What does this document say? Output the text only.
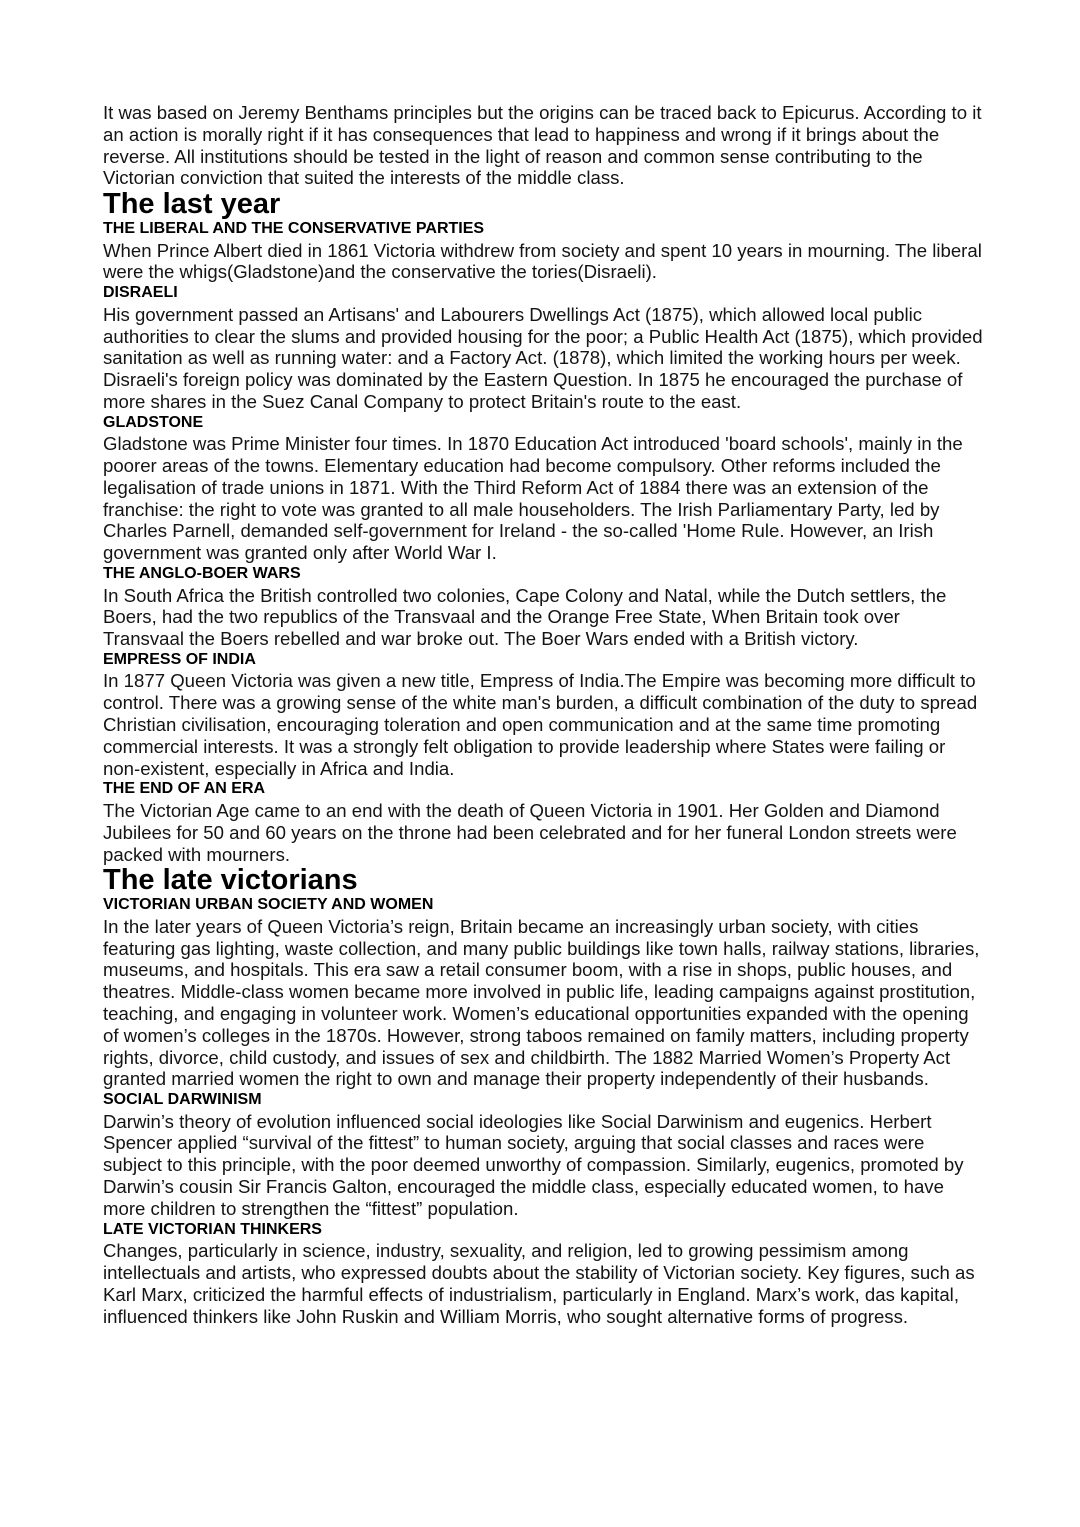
It was based on Jeremy Benthams principles but the origins can be traced back to Epicurus. According to it an action is morally right if it has consequences that lead to happiness and wrong if it brings about the reverse. All institutions should be tested in the light of reason and common sense contributing to the Victorian conviction that suited the interests of the middle class.

The last year
THE LIBERAL AND THE CONSERVATIVE PARTIES

When Prince Albert died in 1861 Victoria withdrew from society and spent 10 years in mourning. The liberal were the whigs(Gladstone)and the conservative the tories(Disraeli).

DISRAELI

His government passed an Artisans' and Labourers Dwellings Act (1875), which allowed local public authorities to clear the slums and provided housing for the poor; a Public Health Act (1875), which provided sanitation as well as running water: and a Factory Act. (1878), which limited the working hours per week. Disraeli's foreign policy was dominated by the Eastern Question. In 1875 he encouraged the purchase of more shares in the Suez Canal Company to protect Britain's route to the east.

GLADSTONE

Gladstone was Prime Minister four times. In 1870 Education Act introduced 'board schools', mainly in the poorer areas of the towns. Elementary education had become compulsory. Other reforms included the legalisation of trade unions in 1871. With the Third Reform Act of 1884 there was an extension of the franchise: the right to vote was granted to all male householders. The Irish Parliamentary Party, led by Charles Parnell, demanded self-government for Ireland - the so-called 'Home Rule. However, an Irish government was granted only after World War I.

THE ANGLO-BOER WARS

In South Africa the British controlled two colonies, Cape Colony and Natal, while the Dutch settlers, the Boers, had the two republics of the Transvaal and the Orange Free State, When Britain took over Transvaal the Boers rebelled and war broke out. The Boer Wars ended with a British victory.

EMPRESS OF INDIA

In 1877 Queen Victoria was given a new title, Empress of India.The Empire was becoming more difficult to control. There was a growing sense of the white man's burden, a difficult combination of the duty to spread Christian civilisation, encouraging toleration and open communication and at the same time promoting commercial interests. It was a strongly felt obligation to provide leadership where States were failing or non-existent, especially in Africa and India.

THE END OF AN ERA

The Victorian Age came to an end with the death of Queen Victoria in 1901. Her Golden and Diamond Jubilees for 50 and 60 years on the throne had been celebrated and for her funeral London streets were packed with mourners.

The late victorians
VICTORIAN URBAN SOCIETY AND WOMEN

In the later years of Queen Victoria’s reign, Britain became an increasingly urban society, with cities featuring gas lighting, waste collection, and many public buildings like town halls, railway stations, libraries, museums, and hospitals. This era saw a retail consumer boom, with a rise in shops, public houses, and theatres. Middle-class women became more involved in public life, leading campaigns against prostitution, teaching, and engaging in volunteer work. Women’s educational opportunities expanded with the opening of women’s colleges in the 1870s. However, strong taboos remained on family matters, including property rights, divorce, child custody, and issues of sex and childbirth. The 1882 Married Women’s Property Act granted married women the right to own and manage their property independently of their husbands.

SOCIAL DARWINISM

Darwin’s theory of evolution influenced social ideologies like Social Darwinism and eugenics. Herbert Spencer applied “survival of the fittest” to human society, arguing that social classes and races were subject to this principle, with the poor deemed unworthy of compassion. Similarly, eugenics, promoted by Darwin’s cousin Sir Francis Galton, encouraged the middle class, especially educated women, to have more children to strengthen the “fittest” population.

LATE VICTORIAN THINKERS

Changes, particularly in science, industry, sexuality, and religion, led to growing pessimism among intellectuals and artists, who expressed doubts about the stability of Victorian society. Key figures, such as Karl Marx, criticized the harmful effects of industrialism, particularly in England. Marx’s work, das kapital, influenced thinkers like John Ruskin and William Morris, who sought alternative forms of progress.
